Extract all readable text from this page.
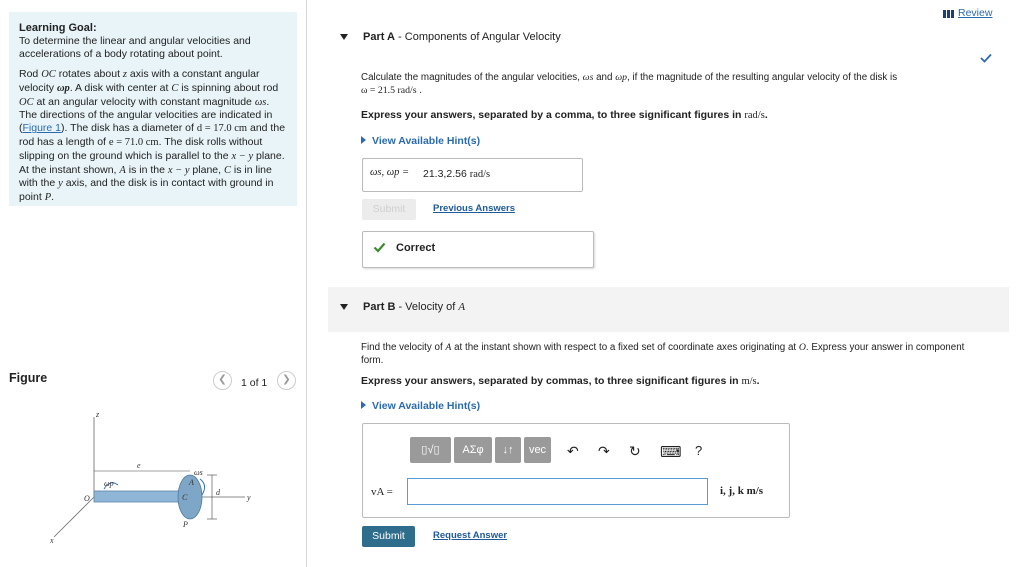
Learning Goal:
To determine the linear and angular velocities and accelerations of a body rotating about point.
Rod OC rotates about z axis with a constant angular velocity ωp. A disk with center at C is spinning about rod OC at an angular velocity with constant magnitude ωs. The directions of the angular velocities are indicated in (Figure 1). The disk has a diameter of d = 17.0 cm and the rod has a length of e = 71.0 cm. The disk rolls without slipping on the ground which is parallel to the x − y plane. At the instant shown, A is in the x − y plane, C is in line with the y axis, and the disk is in contact with ground in point P.
Figure	❮	1 of 1	❯
z
e
ωs
ωp
O
A
C
d
P
y
x
Review
Part A - Components of Angular Velocity
Calculate the magnitudes of the angular velocities, ωs and ωp, if the magnitude of the resulting angular velocity of the disk is
ω = 21.5 rad/s .
Express your answers, separated by a comma, to three significant figures in rad/s.
View Available Hint(s)
ωs, ωp = 21.3,2.56 rad/s
Submit	Previous Answers
Correct
Part B - Velocity of A
Find the velocity of A at the instant shown with respect to a fixed set of coordinate axes originating at O. Express your answer in component form.
Express your answers, separated by commas, to three significant figures in m/s.
View Available Hint(s)
▯√▯	ΑΣφ	↓↑	vec	↶ ↷ ↻ ⌨ ?
vA =	i, j, k m/s
Submit	Request Answer
